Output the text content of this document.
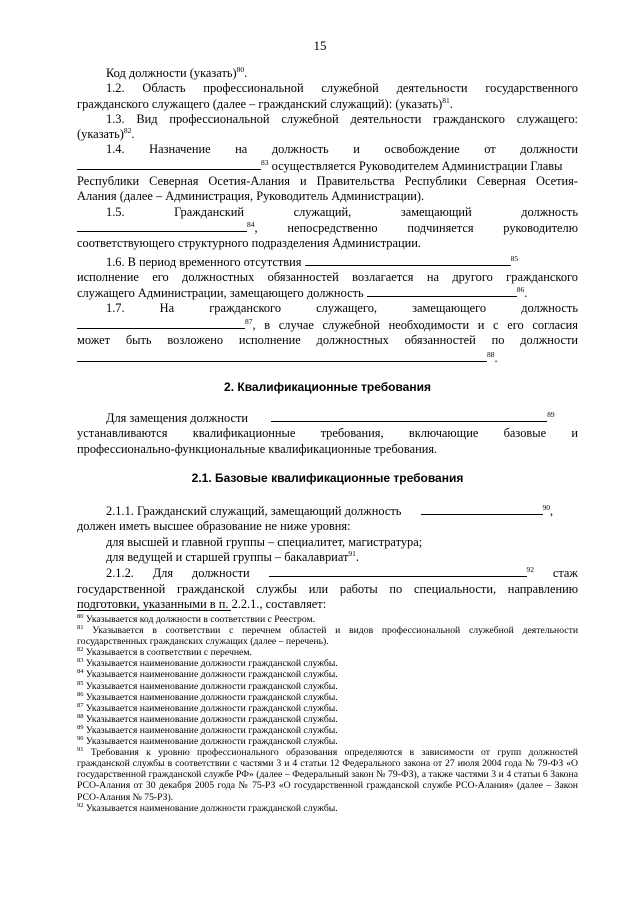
15

Код должности (указать)$^{80}$.

1.2. Область профессиональной служебной деятельности государственного

гражданского служащего (далее – гражданский служащий): (указать)$^{81}$.

1.3. Вид профессиональной служебной деятельности гражданского служащего:

(указать)$^{82}$.

1.4. Назначение на должность и освобождение от должности

$^{83}$ осуществляется Руководителем Администрации Главы

Республики Северная Осетия-Алания и Правительства Республики Северная Осетия-

Алания (далее – Администрация, Руководитель Администрации).

1.5. Гражданский служащий, замещающий должность

$^{84}$, непосредственно подчиняется руководителю

соответствующего структурного подразделения Администрации.

1.6. В период временного отсутствия	$^{85}$

исполнение его должностных обязанностей возлагается на другого гражданского

служащего Администрации, замещающего должность	$^{86}$.

1.7. На гражданского служащего, замещающего должность

$^{87}$, в случае служебной необходимости и с его согласия

может быть возложено исполнение должностных обязанностей по должности

$^{88}$.

2. Квалификационные требования

Для замещения должности	$^{89}$

устанавливаются квалификационные требования, включающие базовые и

профессионально-функциональные квалификационные требования.

2.1. Базовые квалификационные требования

2.1.1. Гражданский служащий, замещающий должность	$^{90}$,

должен иметь высшее образование не ниже уровня:

для высшей и главной группы – специалитет, магистратура;

для ведущей и старшей группы – бакалавриат$^{91}$.

2.1.2. Для должности	$^{92}$ стаж

государственной гражданской службы или работы по специальности, направлению

подготовки, указанными в п. 2.2.1., составляет:

$^{80}$ Указывается код должности в соответствии с Реестром.

$^{81}$ Указывается в соответствии с перечнем областей и видов профессиональной служебной деятельности государственных гражданских служащих (далее – перечень).

$^{82}$ Указывается в соответствии с перечнем.

$^{83}$ Указывается наименование должности гражданской службы.

$^{84}$ Указывается наименование должности гражданской службы.

$^{85}$ Указывается наименование должности гражданской службы.

$^{86}$ Указывается наименование должности гражданской службы.

$^{87}$ Указывается наименование должности гражданской службы.

$^{88}$ Указывается наименование должности гражданской службы.

$^{89}$ Указывается наименование должности гражданской службы.

$^{90}$ Указывается наименование должности гражданской службы.

$^{91}$ Требования к уровню профессионального образования определяются в зависимости от групп должностей гражданской службы в соответствии с частями 3 и 4 статьи 12 Федерального закона от 27 июля 2004 года № 79-ФЗ «О государственной гражданской службе РФ» (далее – Федеральный закон № 79-ФЗ), а также частями 3 и 4 статьи 6 Закона РСО-Алания от 30 декабря 2005 года № 75-РЗ «О государственной гражданской службе РСО-Алания» (далее – Закон РСО-Алания № 75-РЗ).

$^{92}$ Указывается наименование должности гражданской службы.
